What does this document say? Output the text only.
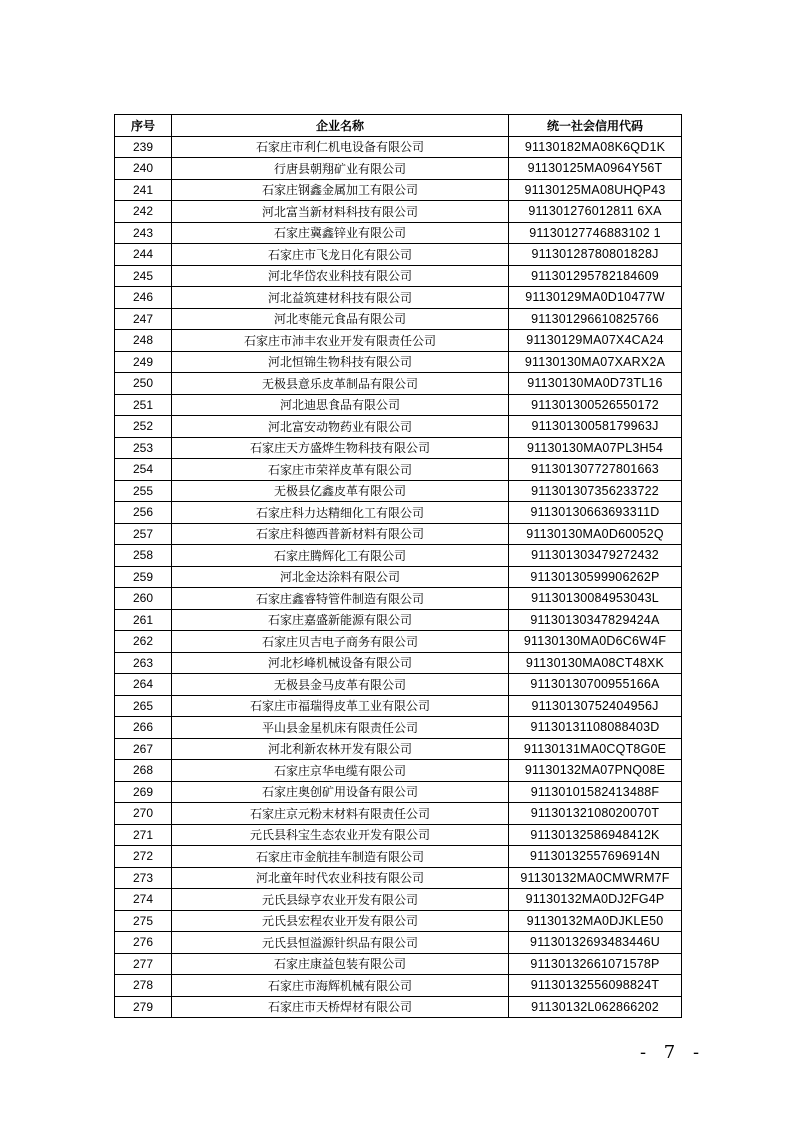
序号	企业名称	统一社会信用代码
239	石家庄市利仁机电设备有限公司	91130182MA08K6QD1K
240	行唐县朝翔矿业有限公司	91130125MA0964Y56T
241	石家庄钢鑫金属加工有限公司	91130125MA08UHQP43
242	河北富当新材料科技有限公司	911301276012811 6XA
243	石家庄冀鑫锌业有限公司	91130127746883102 1
244	石家庄市飞龙日化有限公司	91130128780801828J
245	河北华岱农业科技有限公司	911301295782184609
246	河北益筑建材科技有限公司	91130129MA0D10477W
247	河北枣能元食品有限公司	911301296610825766
248	石家庄市沛丰农业开发有限责任公司	91130129MA07X4CA24
249	河北恒锦生物科技有限公司	91130130MA07XARX2A
250	无极县意乐皮革制品有限公司	91130130MA0D73TL16
251	河北迪思食品有限公司	911301300526550172
252	河北富安动物药业有限公司	91130130058179963J
253	石家庄天方盛烨生物科技有限公司	91130130MA07PL3H54
254	石家庄市荣祥皮革有限公司	911301307727801663
255	无极县亿鑫皮革有限公司	911301307356233722
256	石家庄科力达精细化工有限公司	91130130663693311D
257	石家庄科德西普新材料有限公司	91130130MA0D60052Q
258	石家庄腾辉化工有限公司	911301303479272432
259	河北金达涂料有限公司	91130130599906262P
260	石家庄鑫睿特管件制造有限公司	91130130084953043L
261	石家庄嘉盛新能源有限公司	91130130347829424A
262	石家庄贝吉电子商务有限公司	91130130MA0D6C6W4F
263	河北杉峰机械设备有限公司	91130130MA08CT48XK
264	无极县金马皮革有限公司	91130130700955166A
265	石家庄市福瑞得皮革工业有限公司	91130130752404956J
266	平山县金星机床有限责任公司	91130131108088403D
267	河北利新农林开发有限公司	91130131MA0CQT8G0E
268	石家庄京华电缆有限公司	91130132MA07PNQ08E
269	石家庄奥创矿用设备有限公司	91130101582413488F
270	石家庄京元粉末材料有限责任公司	91130132108020070T
271	元氏县科宝生态农业开发有限公司	91130132586948412K
272	石家庄市金航挂车制造有限公司	91130132557696914N
273	河北童年时代农业科技有限公司	91130132MA0CMWRM7F
274	元氏县绿亨农业开发有限公司	91130132MA0DJ2FG4P
275	元氏县宏程农业开发有限公司	91130132MA0DJKLE50
276	元氏县恒溢源针织品有限公司	91130132693483446U
277	石家庄康益包装有限公司	91130132661071578P
278	石家庄市海辉机械有限公司	91130132556098824T
279	石家庄市天桥焊材有限公司	91130132L062866202
- 7 -
